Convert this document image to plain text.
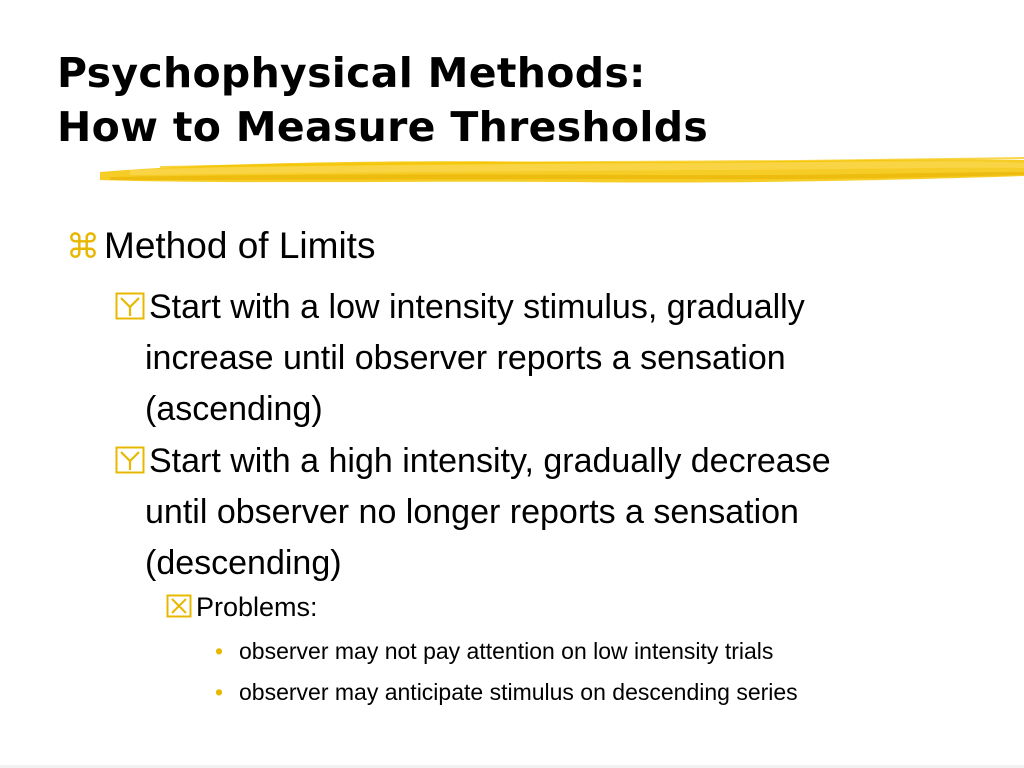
Psychophysical Methods:
How to Measure Thresholds
⌘ Method of Limits
Start with a low intensity stimulus, gradually
increase until observer reports a sensation
(ascending)
Start with a high intensity, gradually decrease
until observer no longer reports a sensation
(descending)
Problems:
• observer may not pay attention on low intensity trials
• observer may anticipate stimulus on descending series
